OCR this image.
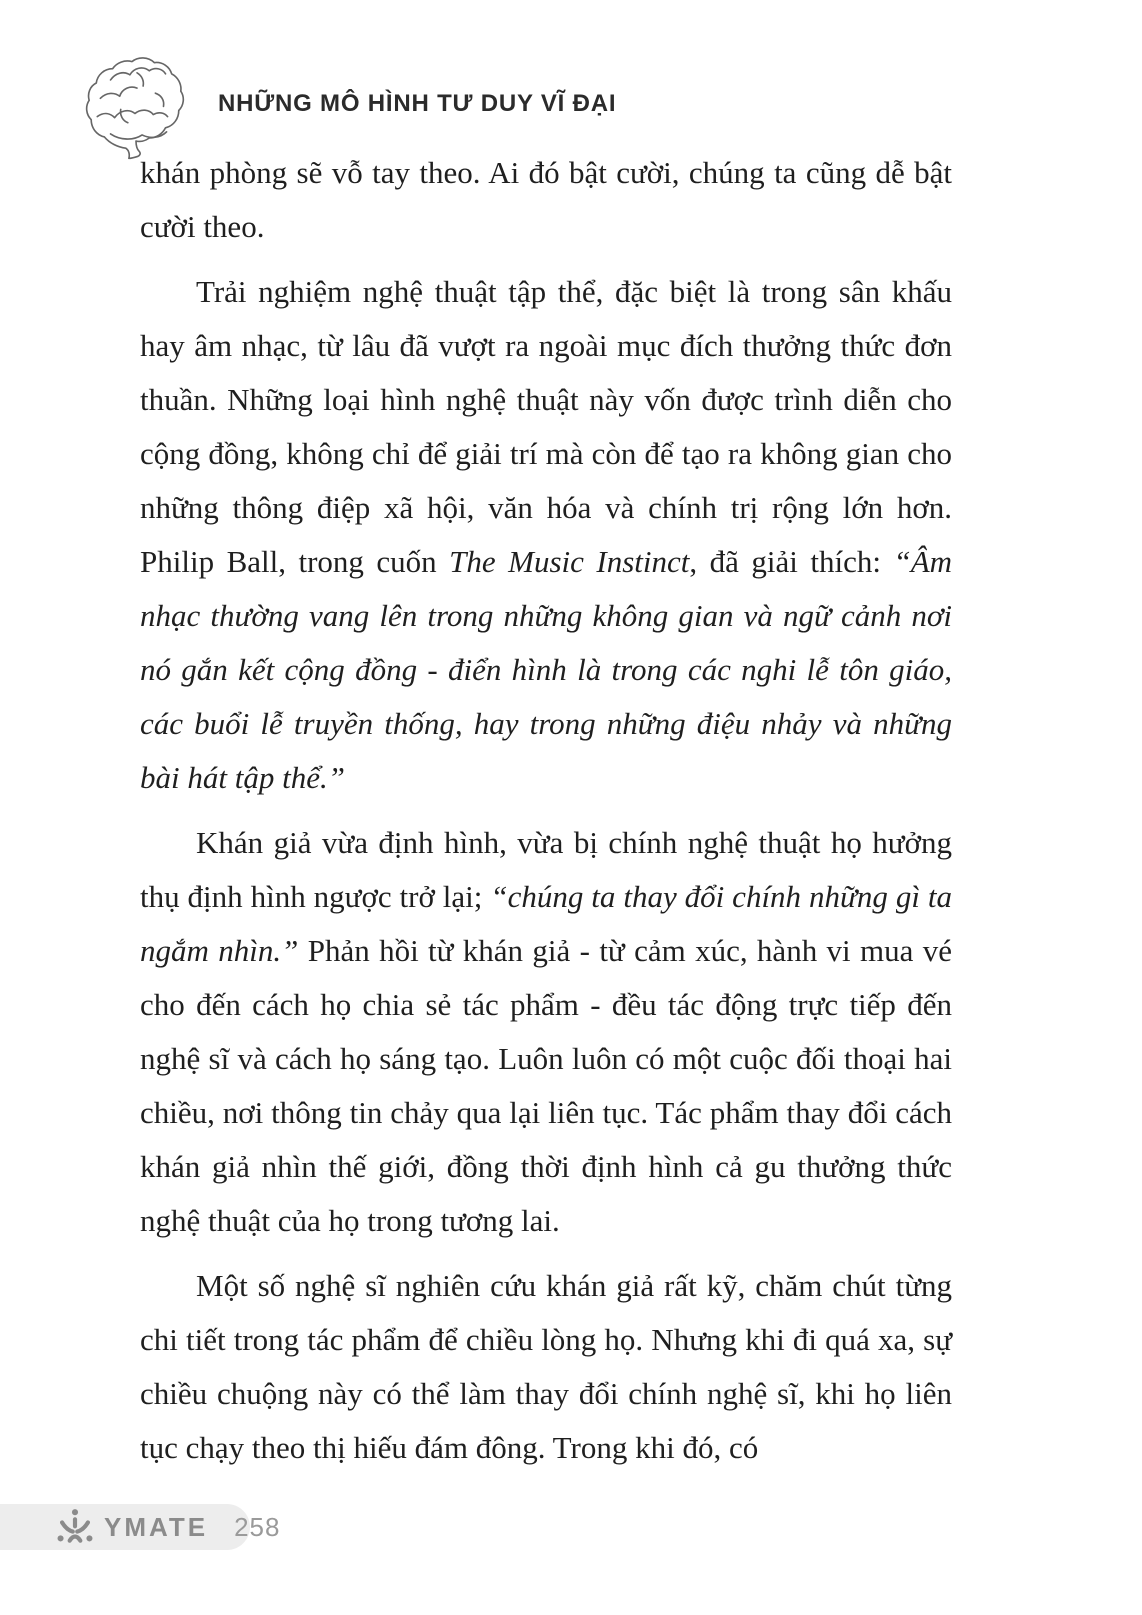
NHỮNG MÔ HÌNH TƯ DUY VĨ ĐẠI

khán phòng sẽ vỗ tay theo. Ai đó bật cười, chúng ta cũng dễ bật cười theo.

Trải nghiệm nghệ thuật tập thể, đặc biệt là trong sân khấu hay âm nhạc, từ lâu đã vượt ra ngoài mục đích thưởng thức đơn thuần. Những loại hình nghệ thuật này vốn được trình diễn cho cộng đồng, không chỉ để giải trí mà còn để tạo ra không gian cho những thông điệp xã hội, văn hóa và chính trị rộng lớn hơn. Philip Ball, trong cuốn The Music Instinct, đã giải thích: “Âm nhạc thường vang lên trong những không gian và ngữ cảnh nơi nó gắn kết cộng đồng - điển hình là trong các nghi lễ tôn giáo, các buổi lễ truyền thống, hay trong những điệu nhảy và những bài hát tập thể.”

Khán giả vừa định hình, vừa bị chính nghệ thuật họ hưởng thụ định hình ngược trở lại; “chúng ta thay đổi chính những gì ta ngắm nhìn.” Phản hồi từ khán giả - từ cảm xúc, hành vi mua vé cho đến cách họ chia sẻ tác phẩm - đều tác động trực tiếp đến nghệ sĩ và cách họ sáng tạo. Luôn luôn có một cuộc đối thoại hai chiều, nơi thông tin chảy qua lại liên tục. Tác phẩm thay đổi cách khán giả nhìn thế giới, đồng thời định hình cả gu thưởng thức nghệ thuật của họ trong tương lai.

Một số nghệ sĩ nghiên cứu khán giả rất kỹ, chăm chút từng chi tiết trong tác phẩm để chiều lòng họ. Nhưng khi đi quá xa, sự chiều chuộng này có thể làm thay đổi chính nghệ sĩ, khi họ liên tục chạy theo thị hiếu đám đông. Trong khi đó, có

YMATE 258
